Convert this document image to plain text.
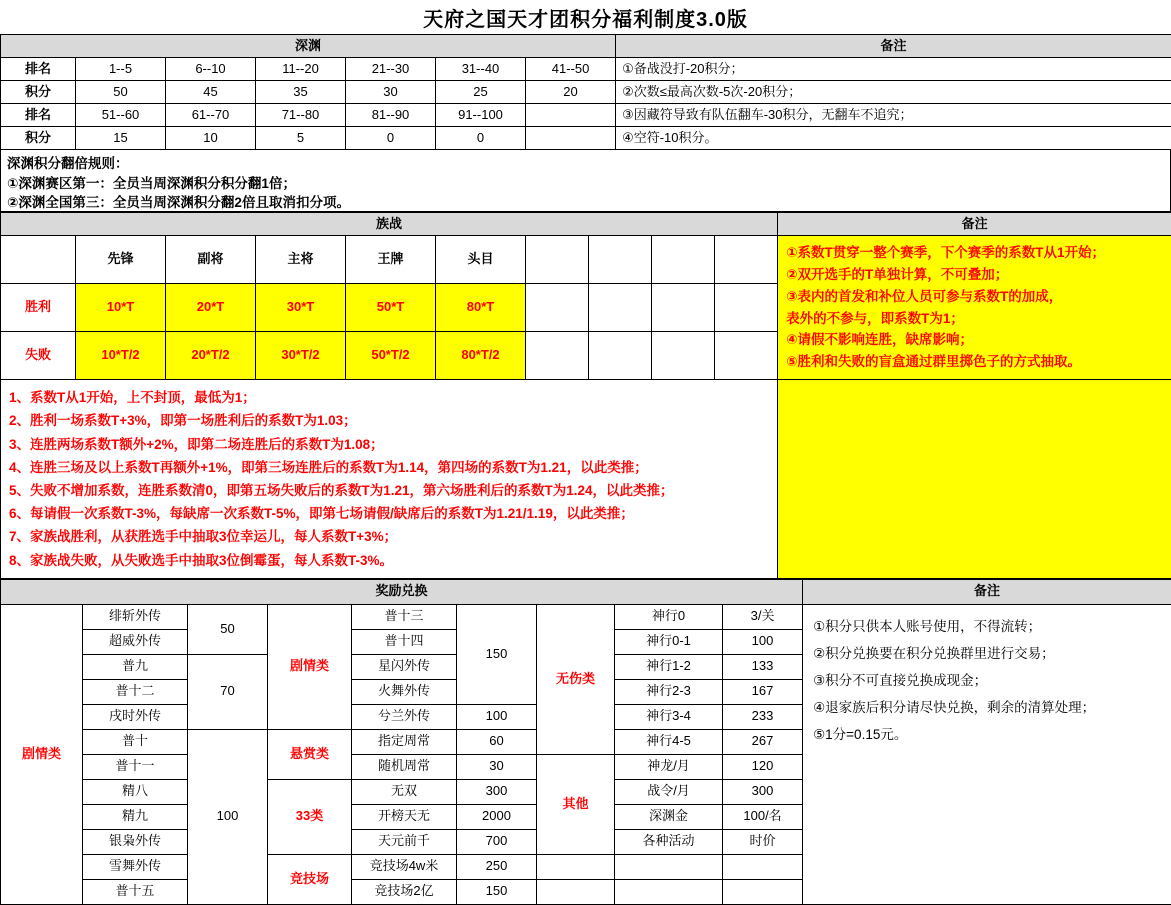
天府之国天才团积分福利制度3.0版
深渊							备注
排名	1--5	6--10	11--20	21--30	31--40	41--50	①备战没打-20积分；
积分	50	45	35	30	25	20	②次数≤最高次数-5次-20积分；
排名	51--60	61--70	71--80	81--90	91--100		③因藏符导致有队伍翻车-30积分，无翻车不追究；
积分	15	10	5	0	0		④空符-10积分。
深渊积分翻倍规则：
①深渊赛区第一：全员当周深渊积分积分翻1倍；
②深渊全国第三：全员当周深渊积分翻2倍且取消扣分项。
族战										备注
	先锋	副将	主将	王牌	头目					①系数T贯穿一整个赛季，下个赛季的系数T从1开始；
②双开选手的T单独计算，不可叠加；
③表内的首发和补位人员可参与系数T的加成，
表外的不参与，即系数T为1；
④请假不影响连胜，缺席影响；
⑤胜利和失败的盲盒通过群里掷色子的方式抽取。

胜利	10*T	20*T	30*T	50*T	80*T					
失败	10*T/2	20*T/2	30*T/2	50*T/2	80*T/2					

1、系数T从1开始，上不封顶，最低为1；
2、胜利一场系数T+3%，即第一场胜利后的系数T为1.03；
3、连胜两场系数T额外+2%，即第二场连胜后的系数T为1.08；
4、连胜三场及以上系数T再额外+1%，即第三场连胜后的系数T为1.14，第四场的系数T为1.21，以此类推；
5、失败不增加系数，连胜系数清0，即第五场失败后的系数T为1.21，第六场胜利后的系数T为1.24，以此类推；
6、每请假一次系数T-3%，每缺席一次系数T-5%，即第七场请假/缺席后的系数T为1.21/1.19，以此类推；
7、家族战胜利，从获胜选手中抽取3位幸运儿，每人系数T+3%；
8、家族战失败，从失败选手中抽取3位倒霉蛋，每人系数T-3%。

奖励兑换									备注
剧情类	绯斩外传	50	剧情类	普十三	150	无伤类	神行0	3/关	①积分只供本人账号使用，不得流转；
②积分兑换要在积分兑换群里进行交易；
③积分不可直接兑换成现金；
④退家族后积分请尽快兑换，剩余的清算处理；
⑤1分=0.15元。

	超威外传			普十四			神行0-1	100	
	普九	70		星闪外传			神行1-2	133	
	普十二			火舞外传			神行2-3	167	
	戌时外传			兮兰外传	100		神行3-4	233	
	普十	100	悬赏类	指定周常	60		神行4-5	267	
	普十一			随机周常	30	其他	神龙/月	120	
	精八		33类	无双	300		战令/月	300	
	精九			开榜天无	2000		深渊金	100/名	
	银枭外传			天元前千	700		各种活动	时价	
	雪舞外传		竞技场	竞技场4w米	250				
	普十五			竞技场2亿	150				
